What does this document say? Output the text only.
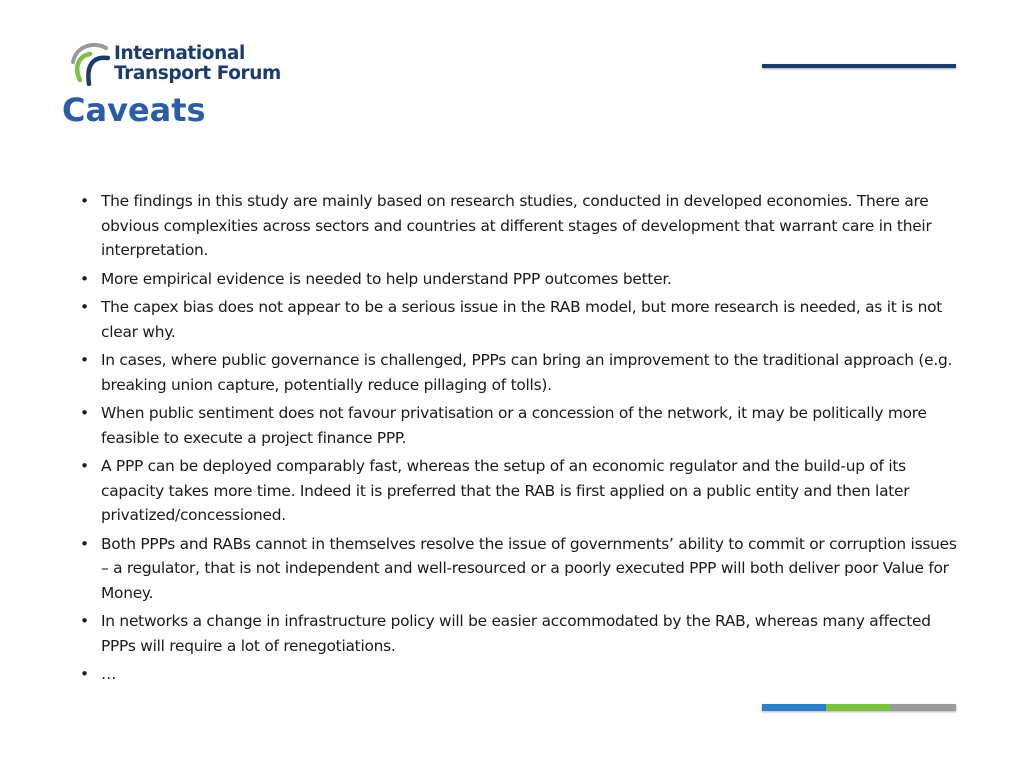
International
Transport Forum
Caveats
• The findings in this study are mainly based on research studies, conducted in developed economies. There are obvious complexities across sectors and countries at different stages of development that warrant care in their interpretation.
• More empirical evidence is needed to help understand PPP outcomes better.
• The capex bias does not appear to be a serious issue in the RAB model, but more research is needed, as it is not clear why.
• In cases, where public governance is challenged, PPPs can bring an improvement to the traditional approach (e.g. breaking union capture, potentially reduce pillaging of tolls).
• When public sentiment does not favour privatisation or a concession of the network, it may be politically more feasible to execute a project finance PPP.
• A PPP can be deployed comparably fast, whereas the setup of an economic regulator and the build-up of its capacity takes more time. Indeed it is preferred that the RAB is first applied on a public entity and then later privatized/concessioned.
• Both PPPs and RABs cannot in themselves resolve the issue of governments’ ability to commit or corruption issues – a regulator, that is not independent and well-resourced or a poorly executed PPP will both deliver poor Value for Money.
• In networks a change in infrastructure policy will be easier accommodated by the RAB, whereas many affected PPPs will require a lot of renegotiations.
• …
